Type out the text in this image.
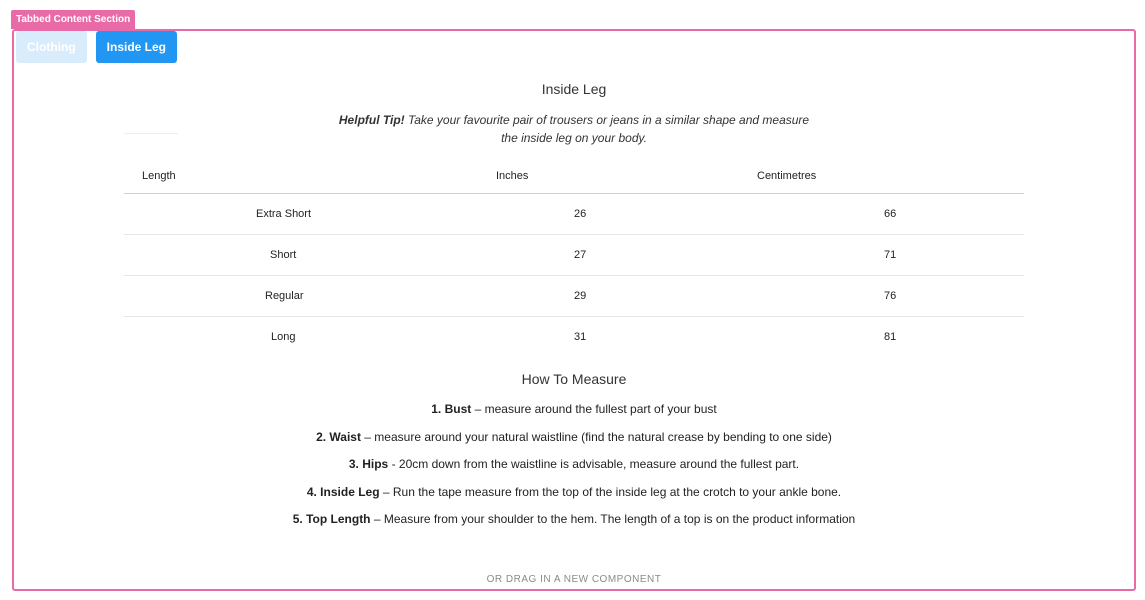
Tabbed Content Section
Clothing	Inside Leg
Inside Leg
Helpful Tip! Take your favourite pair of trousers or jeans in a similar shape and measure the inside leg on your body.
Length	Inches	Centimetres
Extra Short	26	66
Short	27	71
Regular	29	76
Long	31	81
How To Measure
1. Bust – measure around the fullest part of your bust
2. Waist – measure around your natural waistline (find the natural crease by bending to one side)
3. Hips - 20cm down from the waistline is advisable, measure around the fullest part.
4. Inside Leg – Run the tape measure from the top of the inside leg at the crotch to your ankle bone.
5. Top Length – Measure from your shoulder to the hem. The length of a top is on the product information
OR DRAG IN A NEW COMPONENT
